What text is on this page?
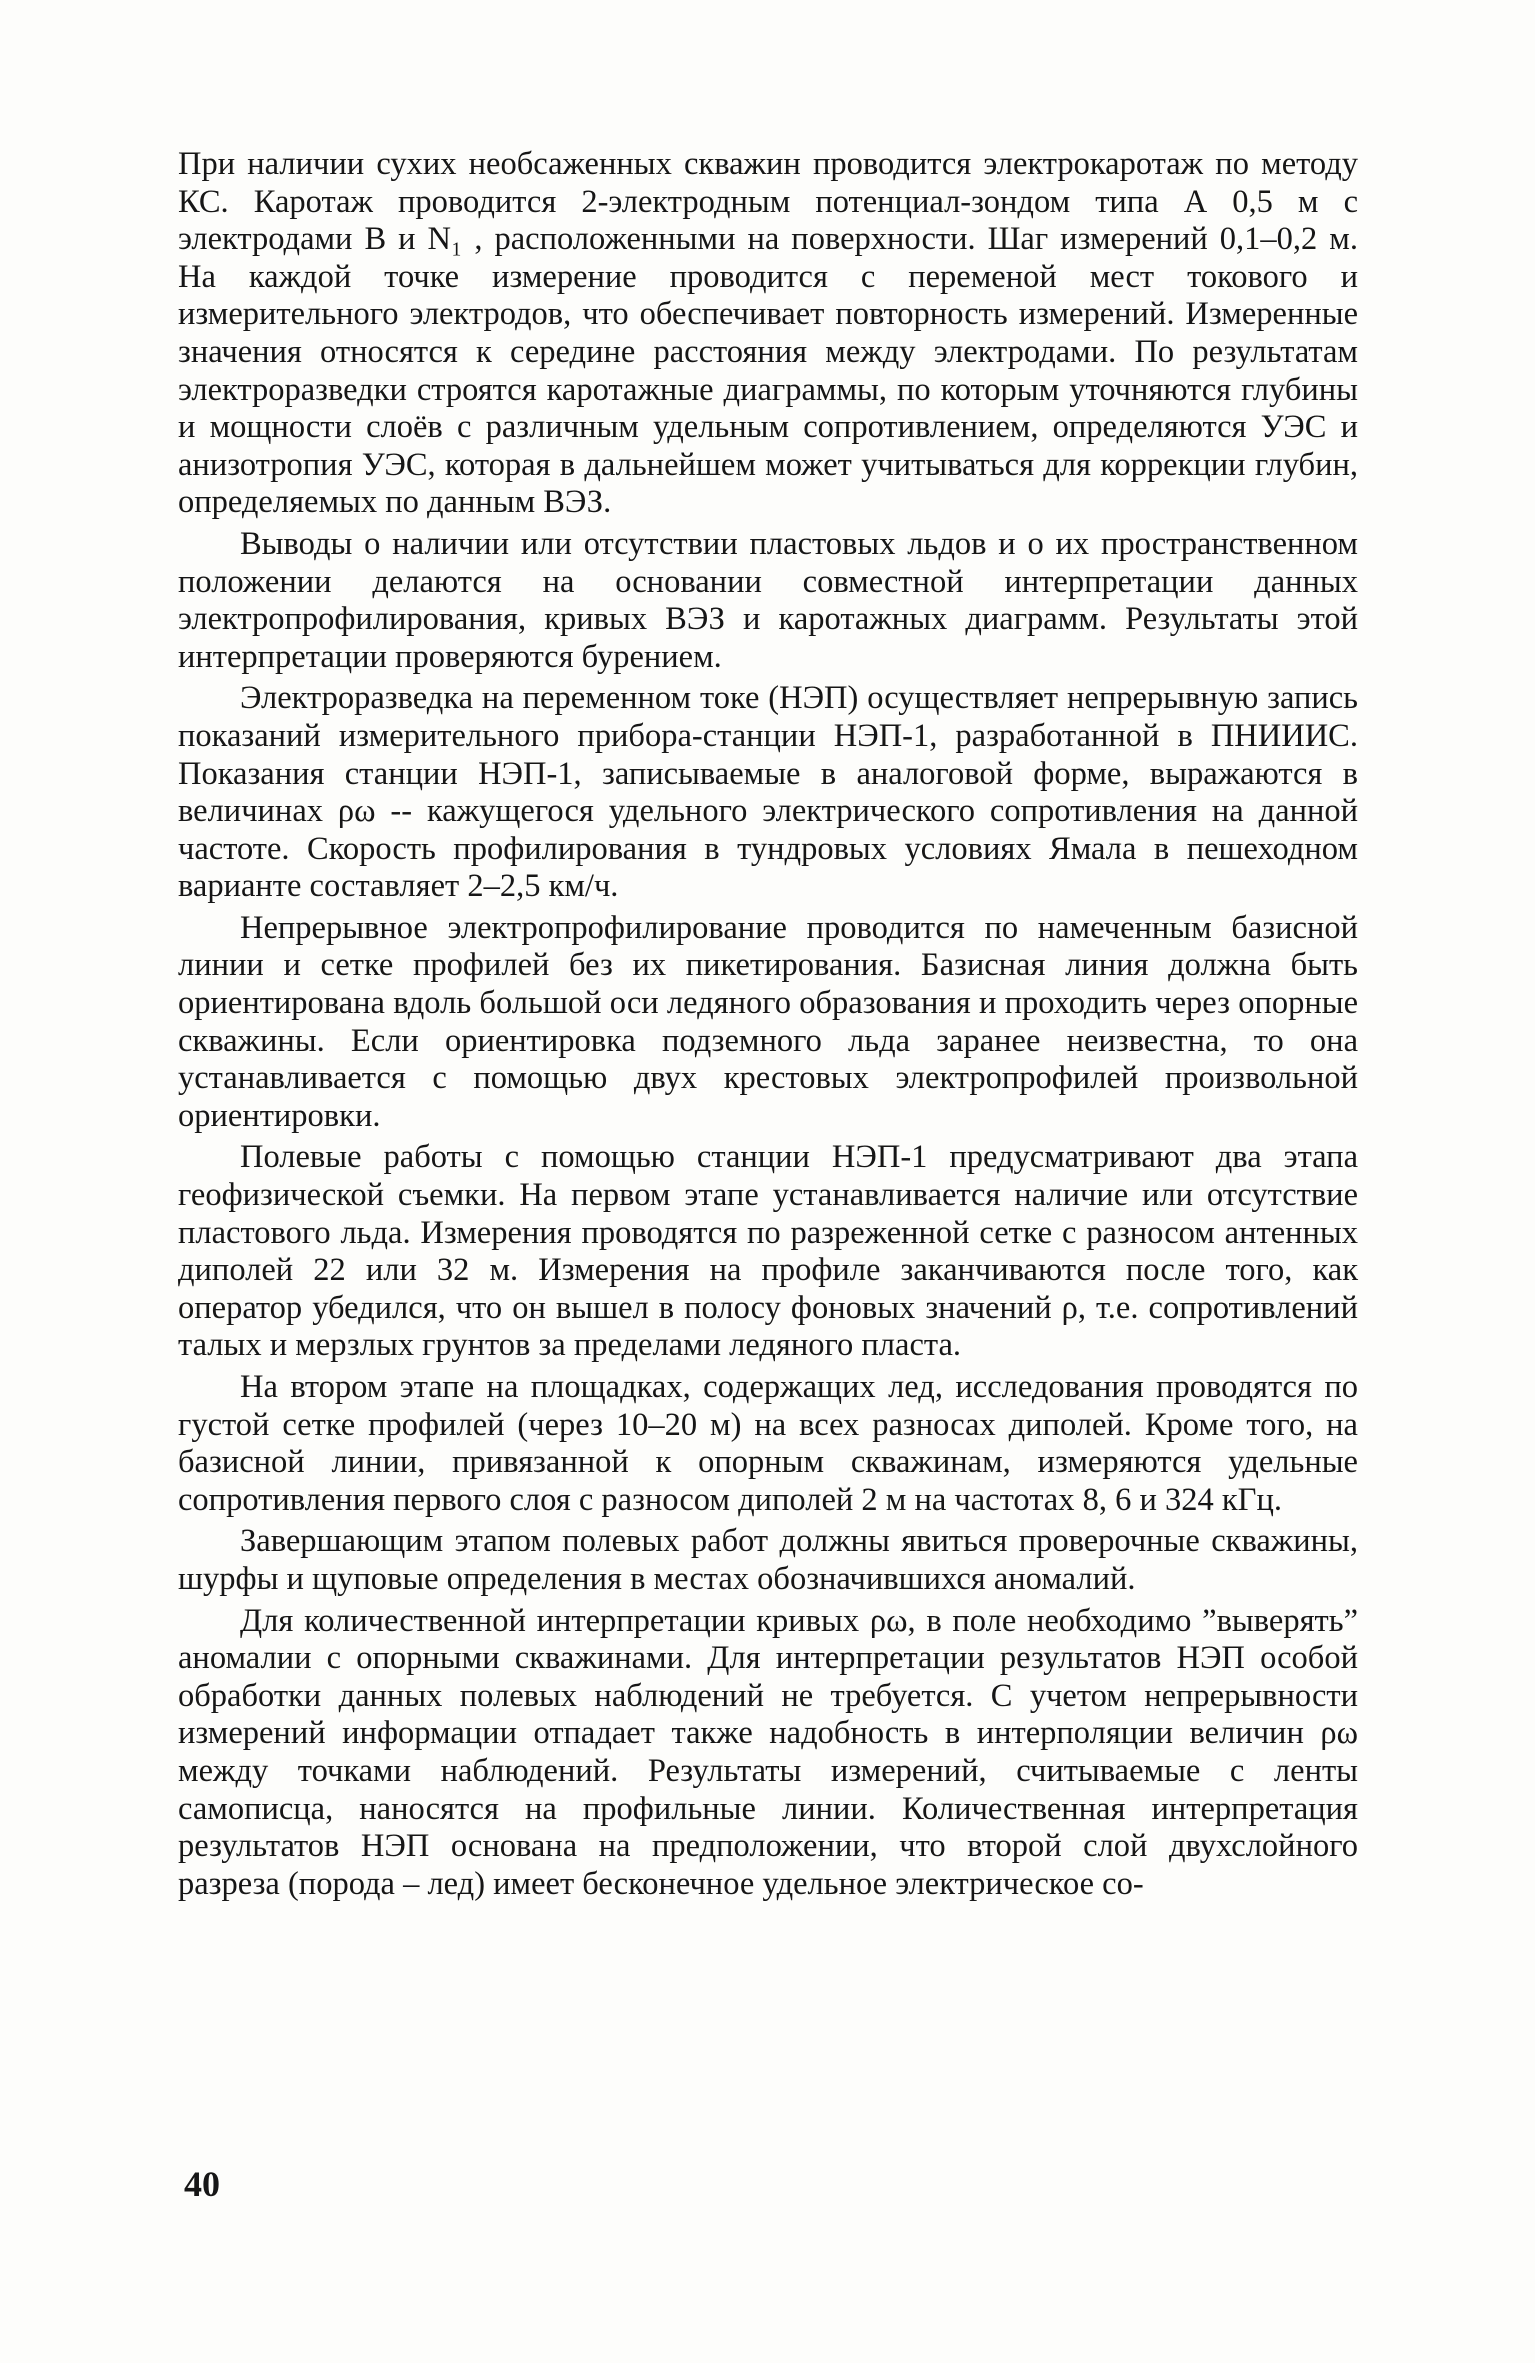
При наличии сухих необсаженных скважин проводится электрокаротаж по методу КС. Каротаж проводится 2-электродным потенциал-зондом типа А 0,5 м с электродами В и N₁ , расположенными на поверхности. Шаг измерений 0,1–0,2 м. На каждой точке измерение проводится с переменой мест токового и измерительного электродов, что обеспечивает повторность измерений. Измеренные значения относятся к середине расстояния между электродами. По результатам электроразведки строятся каротажные диаграммы, по которым уточняются глубины и мощности слоёв с различным удельным сопротивлением, определяются УЭС и анизотропия УЭС, которая в дальнейшем может учитываться для коррекции глубин, определяемых по данным ВЭЗ.

Выводы о наличии или отсутствии пластовых льдов и о их пространственном положении делаются на основании совместной интерпретации данных электропрофилирования, кривых ВЭЗ и каротажных диаграмм. Результаты этой интерпретации проверяются бурением.

Электроразведка на переменном токе (НЭП) осуществляет непрерывную запись показаний измерительного прибора-станции НЭП-1, разработанной в ПНИИИС. Показания станции НЭП-1, записываемые в аналоговой форме, выражаются в величинах ρω -- кажущегося удельного электрического сопротивления на данной частоте. Скорость профилирования в тундровых условиях Ямала в пешеходном варианте составляет 2–2,5 км/ч.

Непрерывное электропрофилирование проводится по намеченным базисной линии и сетке профилей без их пикетирования. Базисная линия должна быть ориентирована вдоль большой оси ледяного образования и проходить через опорные скважины. Если ориентировка подземного льда заранее неизвестна, то она устанавливается с помощью двух крестовых электропрофилей произвольной ориентировки.

Полевые работы с помощью станции НЭП-1 предусматривают два этапа геофизической съемки. На первом этапе устанавливается наличие или отсутствие пластового льда. Измерения проводятся по разреженной сетке с разносом антенных диполей 22 или 32 м. Измерения на профиле заканчиваются после того, как оператор убедился, что он вышел в полосу фоновых значений ρ, т.е. сопротивлений талых и мерзлых грунтов за пределами ледяного пласта.

На втором этапе на площадках, содержащих лед, исследования проводятся по густой сетке профилей (через 10–20 м) на всех разносах диполей. Кроме того, на базисной линии, привязанной к опорным скважинам, измеряются удельные сопротивления первого слоя с разносом диполей 2 м на частотах 8, 6 и 324 кГц.

Завершающим этапом полевых работ должны явиться проверочные скважины, шурфы и щуповые определения в местах обозначившихся аномалий.

Для количественной интерпретации кривых ρω, в поле необходимо ”выверять” аномалии с опорными скважинами. Для интерпретации результатов НЭП особой обработки данных полевых наблюдений не требуется. С учетом непрерывности измерений информации отпадает также надобность в интерполяции величин ρω между точками наблюдений. Результаты измерений, считываемые с ленты самописца, наносятся на профильные линии. Количественная интерпретация результатов НЭП основана на предположении, что второй слой двухслойного разреза (порода – лед) имеет бесконечное удельное электрическое со-

40
